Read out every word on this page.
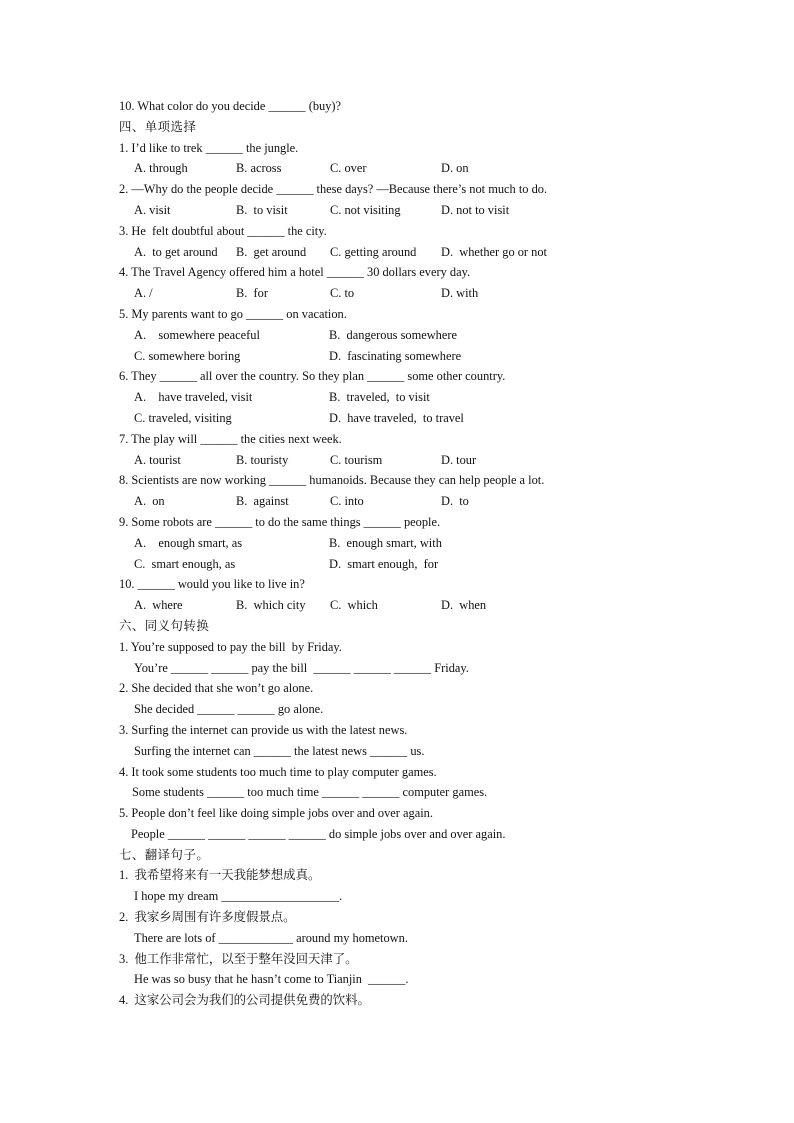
10. What color do you decide ______ (buy)?
四、单项选择
1. I’d like to trek ______ the jungle.
A. through	B. across	C. over	D. on
2. —Why do the people decide ______ these days? —Because there’s not much to do.
A. visit	B.  to visit	C. not visiting	D. not to visit
3. He  felt doubtful about ______ the city.
A.  to get around B.  get around C. getting around D.  whether go or not
4. The Travel Agency offered him a hotel ______ 30 dollars every day.
A. /	B.  for	C. to	D. with
5. My parents want to go ______ on vacation.
A.    somewhere peaceful	B.  dangerous somewhere
C. somewhere boring	D.  fascinating somewhere
6. They ______ all over the country. So they plan ______ some other country.
A.    have traveled, visit	B.  traveled,  to visit
C. traveled, visiting	D.  have traveled,  to travel
7. The play will ______ the cities next week.
A. tourist	B. touristy	C. tourism	D. tour
8. Scientists are now working ______ humanoids. Because they can help people a lot.
A.  on	B.  against	C. into	D.  to
9. Some robots are ______ to do the same things ______ people.
A.    enough smart, as	B.  enough smart, with
C.  smart enough, as	D.  smart enough,  for
10. ______ would you like to live in?
A.  where	B.  which city C.  which	D.  when
六、同义句转换
1. You’re supposed to pay the bill  by Friday.
You’re ______ ______ pay the bill  ______ ______ ______ Friday.
2. She decided that she won’t go alone.
She decided ______ ______ go alone.
3. Surfing the internet can provide us with the latest news.
Surfing the internet can ______ the latest news ______ us.
4. It took some students too much time to play computer games.
Some students ______ too much time ______ ______ computer games.
5. People don’t feel like doing simple jobs over and over again.
People ______ ______ ______ ______ do simple jobs over and over again.
七、翻译句子。
1.  我希望将来有一天我能梦想成真。
I hope my dream ___________________.
2.  我家乡周围有许多度假景点。
There are lots of ____________ around my hometown.
3.  他工作非常忙，以至于整年没回天津了。
He was so busy that he hasn’t come to Tianjin  ______.
4.  这家公司会为我们的公司提供免费的饮料。
